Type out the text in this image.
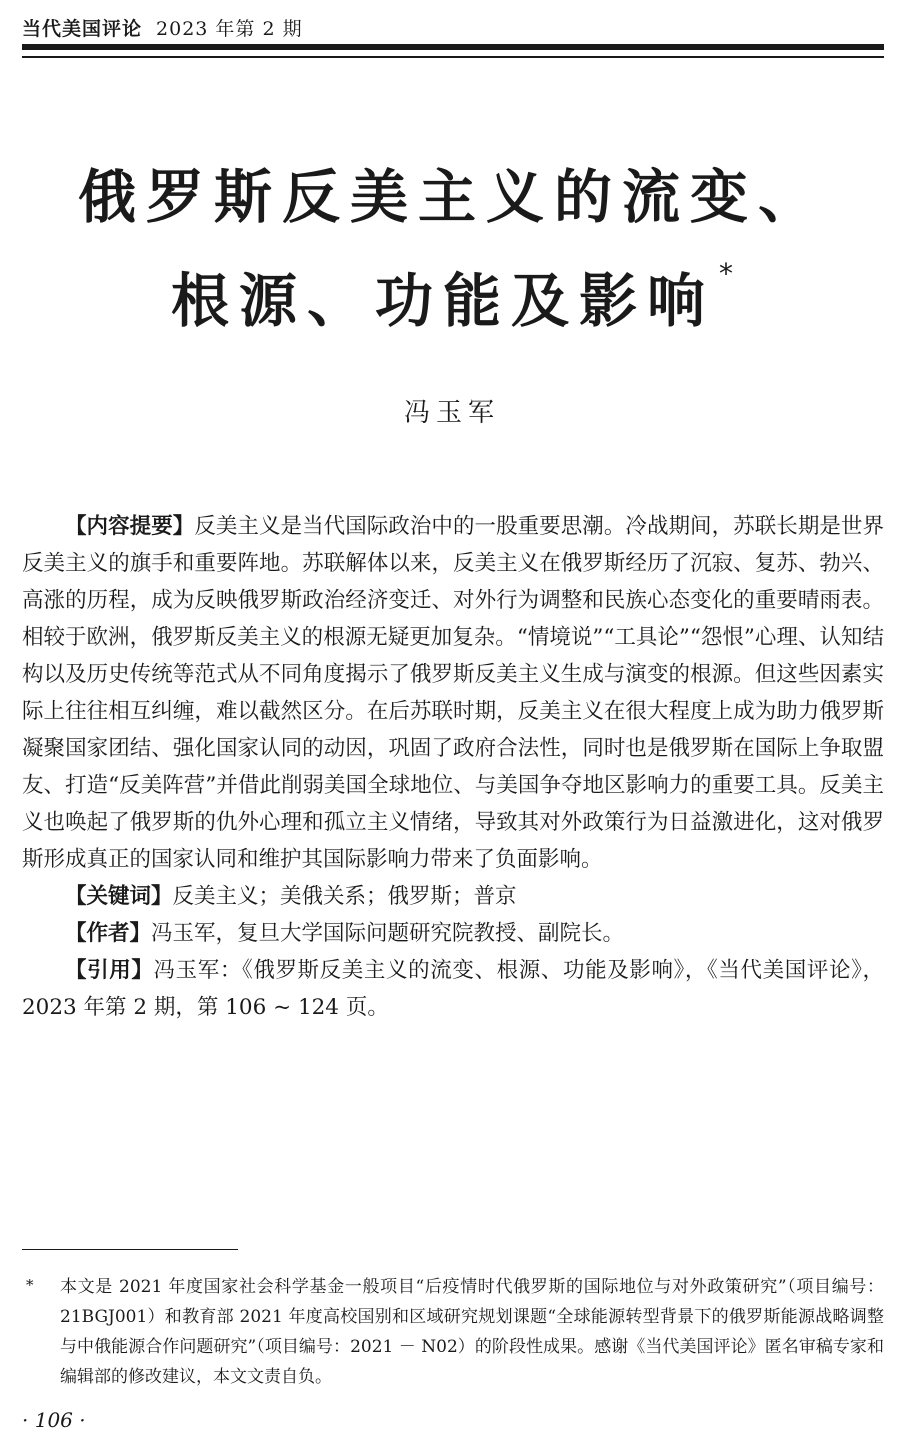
当代美国评论 2023 年第 2 期
俄罗斯反美主义的流变、
根源、功能及影响 *
冯玉军

【内容提要】反美主义是当代国际政治中的一股重要思潮。冷战期间，苏联长期是世界反美主义的旗手和重要阵地。苏联解体以来，反美主义在俄罗斯经历了沉寂、复苏、勃兴、高涨的历程，成为反映俄罗斯政治经济变迁、对外行为调整和民族心态变化的重要晴雨表。相较于欧洲，俄罗斯反美主义的根源无疑更加复杂。“情境说”“工具论”“怨恨”心理、认知结构以及历史传统等范式从不同角度揭示了俄罗斯反美主义生成与演变的根源。但这些因素实际上往往相互纠缠，难以截然区分。在后苏联时期，反美主义在很大程度上成为助力俄罗斯凝聚国家团结、强化国家认同的动因，巩固了政府合法性，同时也是俄罗斯在国际上争取盟友、打造“反美阵营”并借此削弱美国全球地位、与美国争夺地区影响力的重要工具。反美主义也唤起了俄罗斯的仇外心理和孤立主义情绪，导致其对外政策行为日益激进化，这对俄罗斯形成真正的国家认同和维护其国际影响力带来了负面影响。

【关键词】反美主义；美俄关系；俄罗斯；普京

【作者】冯玉军，复旦大学国际问题研究院教授、副院长。

【引用】冯玉军：《俄罗斯反美主义的流变、根源、功能及影响》，《当代美国评论》，2023 年第 2 期，第 106 ~ 124 页。

* 本文是 2021 年度国家社会科学基金一般项目“后疫情时代俄罗斯的国际地位与对外政策研究”（项目编号：21BGJ001）和教育部 2021 年度高校国别和区域研究规划课题“全球能源转型背景下的俄罗斯能源战略调整与中俄能源合作问题研究”（项目编号：2021 － N02）的阶段性成果。感谢《当代美国评论》匿名审稿专家和编辑部的修改建议，本文文责自负。
· 106 ·
